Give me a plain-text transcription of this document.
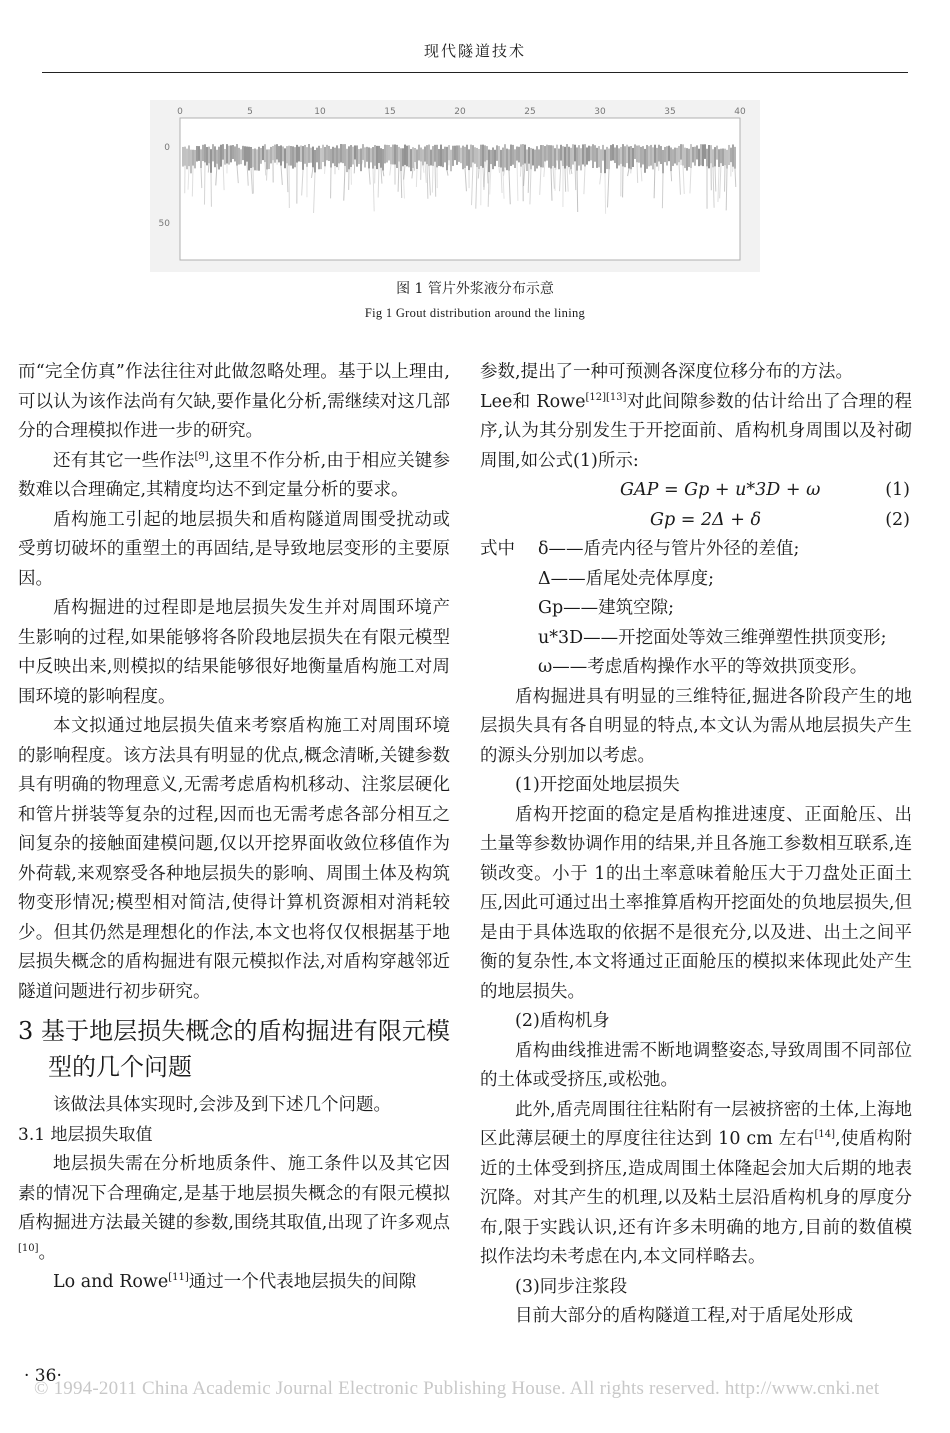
现代隧道技术
0	5	10	15	20	25	30	35	40
0
50
图 1 管片外浆液分布示意
Fig 1 Grout distribution around the lining

而“完全仿真”作法往往对此做忽略处理。基于以上理由,可以认为该作法尚有欠缺,要作量化分析,需继续对这几部分的合理模拟作进一步的研究。

还有其它一些作法[9],这里不作分析,由于相应关键参数难以合理确定,其精度均达不到定量分析的要求。

盾构施工引起的地层损失和盾构隧道周围受扰动或受剪切破坏的重塑土的再固结,是导致地层变形的主要原因。

盾构掘进的过程即是地层损失发生并对周围环境产生影响的过程,如果能够将各阶段地层损失在有限元模型中反映出来,则模拟的结果能够很好地衡量盾构施工对周围环境的影响程度。

本文拟通过地层损失值来考察盾构施工对周围环境的影响程度。该方法具有明显的优点,概念清晰,关键参数具有明确的物理意义,无需考虑盾构机移动、注浆层硬化和管片拼装等复杂的过程,因而也无需考虑各部分相互之间复杂的接触面建模问题,仅以开挖界面收敛位移值作为外荷载,来观察受各种地层损失的影响、周围土体及构筑物变形情况;模型相对简洁,使得计算机资源相对消耗较少。但其仍然是理想化的作法,本文也将仅仅根据基于地层损失概念的盾构掘进有限元模拟作法,对盾构穿越邻近隧道问题进行初步研究。

3 基于地层损失概念的盾构掘进有限元模型的几个问题

该做法具体实现时,会涉及到下述几个问题。

3.1 地层损失取值

地层损失需在分析地质条件、施工条件以及其它因素的情况下合理确定,是基于地层损失概念的有限元模拟盾构掘进方法最关键的参数,围绕其取值,出现了许多观点[10]。

Lo and Rowe[11]通过一个代表地层损失的间隙

参数,提出了一种可预测各深度位移分布的方法。

Lee和 Rowe[12][13]对此间隙参数的估计给出了合理的程序,认为其分别发生于开挖面前、盾构机身周围以及衬砌周围,如公式(1)所示:

GAP = Gp + u*3D + ω	(1)
Gp = 2Δ + δ	(2)

式中 δ——盾壳内径与管片外径的差值;

Δ——盾尾处壳体厚度;

Gp——建筑空隙;

u*3D——开挖面处等效三维弹塑性拱顶变形;

ω——考虑盾构操作水平的等效拱顶变形。

盾构掘进具有明显的三维特征,掘进各阶段产生的地层损失具有各自明显的特点,本文认为需从地层损失产生的源头分别加以考虑。

(1)开挖面处地层损失

盾构开挖面的稳定是盾构推进速度、正面舱压、出土量等参数协调作用的结果,并且各施工参数相互联系,连锁改变。小于 1的出土率意味着舱压大于刀盘处正面土压,因此可通过出土率推算盾构开挖面处的负地层损失,但是由于具体选取的依据不是很充分,以及进、出土之间平衡的复杂性,本文将通过正面舱压的模拟来体现此处产生的地层损失。

(2)盾构机身

盾构曲线推进需不断地调整姿态,导致周围不同部位的土体或受挤压,或松弛。

此外,盾壳周围往往粘附有一层被挤密的土体,上海地区此薄层硬土的厚度往往达到 10 cm 左右[14],使盾构附近的土体受到挤压,造成周围土体隆起会加大后期的地表沉降。对其产生的机理,以及粘土层沿盾构机身的厚度分布,限于实践认识,还有许多未明确的地方,目前的数值模拟作法均未考虑在内,本文同样略去。

(3)同步注浆段

目前大部分的盾构隧道工程,对于盾尾处形成

· 36·
© 1994-2011 China Academic Journal Electronic Publishing House. All rights reserved. http://www.cnki.net
